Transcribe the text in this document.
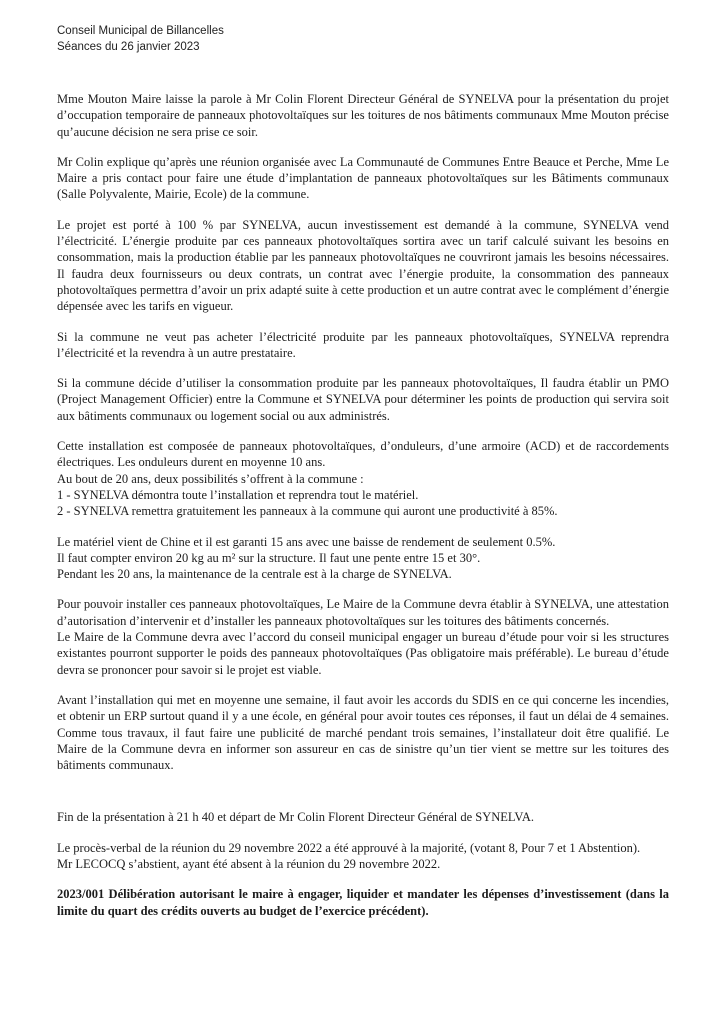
Conseil Municipal de Billancelles
Séances du 26 janvier 2023

Mme Mouton Maire laisse la parole à Mr Colin Florent Directeur Général de SYNELVA pour la présentation du projet d’occupation temporaire de panneaux photovoltaïques sur les toitures de nos bâtiments communaux Mme Mouton précise qu’aucune décision ne sera prise ce soir.

Mr Colin explique qu’après une réunion organisée avec La Communauté de Communes Entre Beauce et Perche, Mme Le Maire a pris contact pour faire une étude d’implantation de panneaux photovoltaïques sur les Bâtiments communaux (Salle Polyvalente, Mairie, Ecole) de la commune.

Le projet est porté à 100 % par SYNELVA, aucun investissement est demandé à la commune, SYNELVA vend l’électricité. L’énergie produite par ces panneaux photovoltaïques sortira avec un tarif calculé suivant les besoins en consommation, mais la production établie par les panneaux photovoltaïques ne couvriront jamais les besoins nécessaires. Il faudra deux fournisseurs ou deux contrats, un contrat avec l’énergie produite, la consommation des panneaux photovoltaïques permettra d’avoir un prix adapté suite à cette production et un autre contrat avec le complément d’énergie dépensée avec les tarifs en vigueur.

Si la commune ne veut pas acheter l’électricité produite par les panneaux photovoltaïques, SYNELVA reprendra l’électricité et la revendra à un autre prestataire.

Si la commune décide d’utiliser la consommation produite par les panneaux photovoltaïques, Il faudra établir un PMO (Project Management Officier) entre la Commune et SYNELVA pour déterminer les points de production qui servira soit aux bâtiments communaux ou logement social ou aux administrés.

Cette installation est composée de panneaux photovoltaïques, d’onduleurs, d’une armoire (ACD) et de raccordements électriques. Les onduleurs durent en moyenne 10 ans.

Au bout de 20 ans, deux possibilités s’offrent à la commune :
1 - SYNELVA démontra toute l’installation et reprendra tout le matériel.
2 - SYNELVA remettra gratuitement les panneaux à la commune qui auront une productivité à 85%.
Le matériel vient de Chine et il est garanti 15 ans avec une baisse de rendement de seulement 0.5%.
Il faut compter environ 20 kg au m² sur la structure. Il faut une pente entre 15 et 30°.
Pendant les 20 ans, la maintenance de la centrale est à la charge de SYNELVA.

Pour pouvoir installer ces panneaux photovoltaïques, Le Maire de la Commune devra établir à SYNELVA, une attestation d’autorisation d’intervenir et d’installer les panneaux photovoltaïques sur les toitures des bâtiments concernés.

Le Maire de la Commune devra avec l’accord du conseil municipal engager un bureau d’étude pour voir si les structures existantes pourront supporter le poids des panneaux photovoltaïques (Pas obligatoire mais préférable). Le bureau d’étude devra se prononcer pour savoir si le projet est viable.

Avant l’installation qui met en moyenne une semaine, il faut avoir les accords du SDIS en ce qui concerne les incendies, et obtenir un ERP surtout quand il y a une école, en général pour avoir toutes ces réponses, il faut un délai de 4 semaines. Comme tous travaux, il faut faire une publicité de marché pendant trois semaines, l’installateur doit être qualifié. Le Maire de la Commune devra en informer son assureur en cas de sinistre qu’un tier vient se mettre sur les toitures des bâtiments communaux.

Fin de la présentation à 21 h 40 et départ de Mr Colin Florent Directeur Général de SYNELVA.

Le procès-verbal de la réunion du 29 novembre 2022 a été approuvé à la majorité, (votant 8, Pour 7 et 1 Abstention).

Mr LECOCQ s’abstient, ayant été absent à la réunion du 29 novembre 2022.

2023/001 Délibération autorisant le maire à engager, liquider et mandater les dépenses d’investissement (dans la limite du quart des crédits ouverts au budget de l’exercice précédent).
